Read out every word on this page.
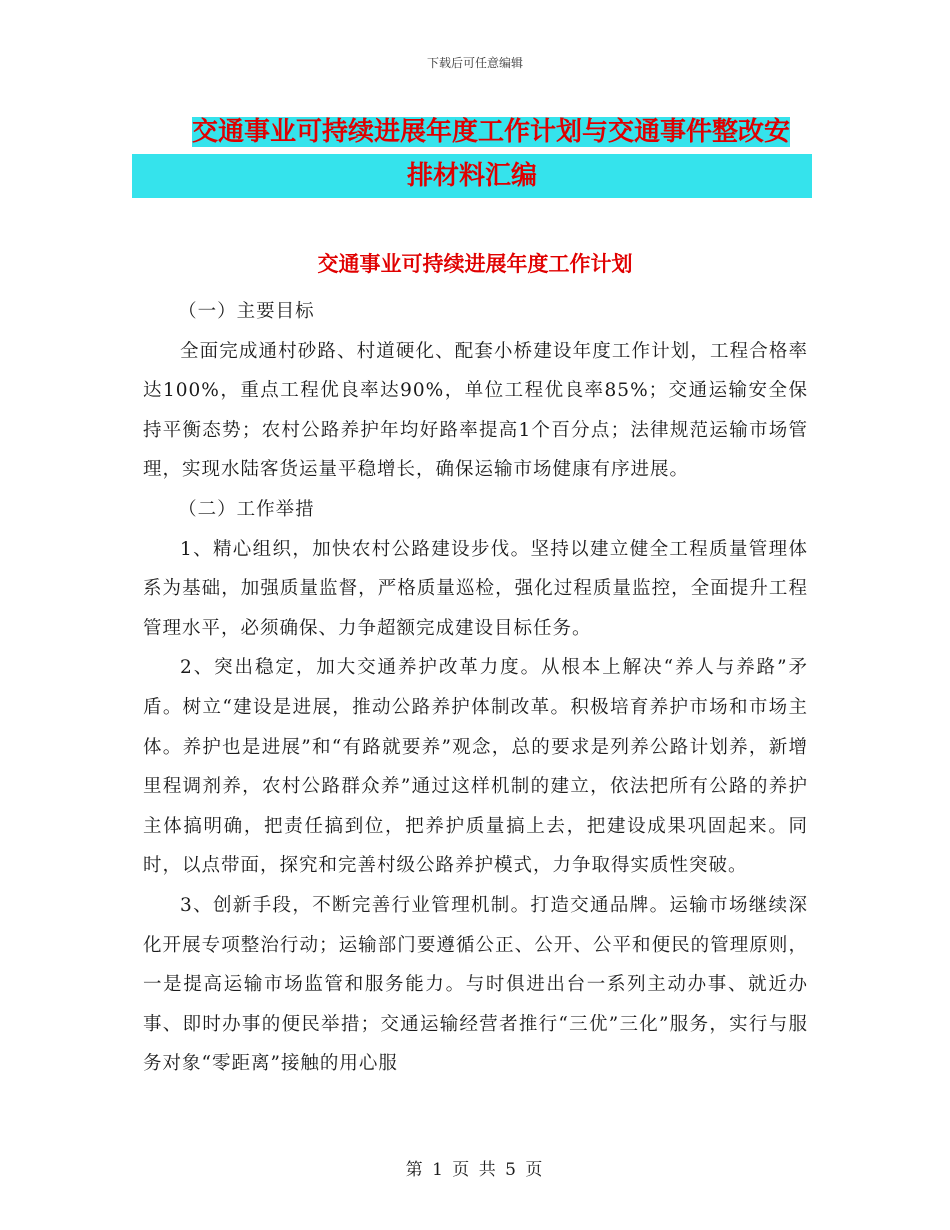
下载后可任意编辑
交通事业可持续进展年度工作计划与交通事件整改安
排材料汇编
交通事业可持续进展年度工作计划

（一）主要目标

全面完成通村砂路、村道硬化、配套小桥建设年度工作计划，工程合格率达100%，重点工程优良率达90%，单位工程优良率85%；交通运输安全保持平衡态势；农村公路养护年均好路率提高1个百分点；法律规范运输市场管理，实现水陆客货运量平稳增长，确保运输市场健康有序进展。

（二）工作举措

1、精心组织，加快农村公路建设步伐。坚持以建立健全工程质量管理体系为基础，加强质量监督，严格质量巡检，强化过程质量监控，全面提升工程管理水平，必须确保、力争超额完成建设目标任务。

2、突出稳定，加大交通养护改革力度。从根本上解决“养人与养路”矛盾。树立“建设是进展，推动公路养护体制改革。积极培育养护市场和市场主体。养护也是进展”和“有路就要养”观念，总的要求是列养公路计划养，新增里程调剂养，农村公路群众养”通过这样机制的建立，依法把所有公路的养护主体搞明确，把责任搞到位，把养护质量搞上去，把建设成果巩固起来。同时，以点带面，探究和完善村级公路养护模式，力争取得实质性突破。

3、创新手段，不断完善行业管理机制。打造交通品牌。运输市场继续深化开展专项整治行动；运输部门要遵循公正、公开、公平和便民的管理原则，一是提高运输市场监管和服务能力。与时俱进出台一系列主动办事、就近办事、即时办事的便民举措；交通运输经营者推行“三优”三化”服务，实行与服务对象“零距离”接触的用心服

第 1 页 共 5 页
